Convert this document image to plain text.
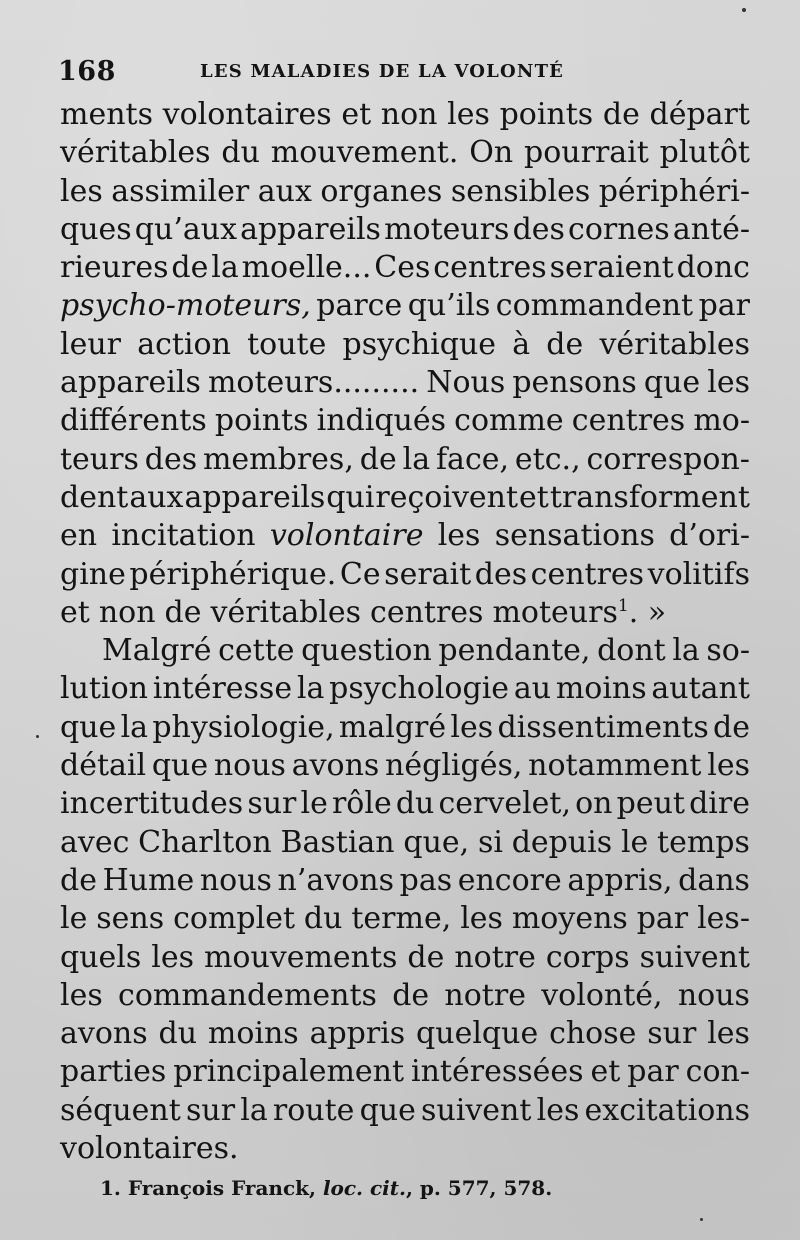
168	LES MALADIES DE LA VOLONTÉ
ments volontaires et non les points de départ
véritables du mouvement. On pourrait plutôt
les assimiler aux organes sensibles périphéri-
ques qu’aux appareils moteurs des cornes anté-
rieures de la moelle... Ces centres seraient donc
psycho-moteurs, parce qu’ils commandent par
leur action toute psychique à de véritables
appareils moteurs......... Nous pensons que les
différents points indiqués comme centres mo-
teurs des membres, de la face, etc., correspon-
dent aux appareils qui reçoivent et transforment
en incitation volontaire les sensations d’ori-
gine périphérique. Ce serait des centres volitifs
et non de véritables centres moteurs$^1$. »
Malgré cette question pendante, dont la so-
lution intéresse la psychologie au moins autant
que la physiologie, malgré les dissentiments de
détail que nous avons négligés, notamment les
incertitudes sur le rôle du cervelet, on peut dire
avec Charlton Bastian que, si depuis le temps
de Hume nous n’avons pas encore appris, dans
le sens complet du terme, les moyens par les-
quels les mouvements de notre corps suivent
les commandements de notre volonté, nous
avons du moins appris quelque chose sur les
parties principalement intéressées et par con-
séquent sur la route que suivent les excitations
volontaires.
1. François Franck, loc. cit., p. 577, 578.
